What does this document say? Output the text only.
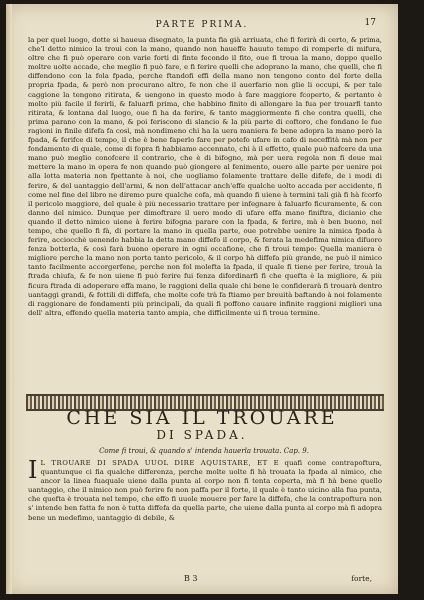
PARTE PRIMA.	17

la per quel luogo, dotte si haueua disegnato, la punta fia già arriuata, che fi ferirà di certo, & prima, che'l detto nimico la troui con la mano, quando non haueffe hauuto tempo di romperle di mifura, oltre che fi può operare con varie forti di finte fecondo il fito, oue fi troua la mano, doppo quello moltre uolte accade, che meglio fi può fare, e fi ferire quelli che adoprano la mano, che quelli, che fi diffendono con la fola fpada, perche ftandofi effi della mano non tengono conto del forte della propria fpada, & però non procurano altro, fe non che il auerfario non glie li occupi, & per tale caggione la tengono ritirata, & uengono in questo modo à fare maggiore fcoperto, & pertanto è molto più facile il ferirli, & faluarfi prima, che habbino finito di allongare la fua per trouarfi tanto ritirata, & lontana dal luogo, oue fi ha da ferire, & tanto maggiormente fi che contra quelli, che prima parano con la mano, & poi feriscono di slancio & la più parte di coftoro, che fondano le fue ragioni in finile difefa fa così, mà nondimeno chi ha la uera maniera fe bene adopra la mano però la fpada, & ferifce di tempo, il che è bene faperlo fare per potefo ufare in cafo di neceffità mà non per fondamento di quale, come di fopra fi habbiamo accennato, chi à il effetto, quale può nafcere da una mano può meglio conofcere il contrario, che è di bifogno, mà per uera regola non fi deue mai mettere la mano in opera fe non quando può giongere al fenimento, ouero alle parte per uenire poi alla lotta materia non fpettante à noi, che uogliamo folamente trattare delle difefe, de i modi di ferire, & del uantaggio dell'armi, & non dell'attacar anch'effe qualche uolto accada per accidente, fi come nel fine del libro ne diremo pure qualche cofa, mà quando fi uiene à termini tali già fi hà fcorfo il pericolo maggiore, del quale è più necessario trattare per infegnare à faluarfo ficuramente, & con danno del nimico. Dunque per dimoftrare il uero modo di ufare effa mano finiftra, dicianio che quando il detto nimico uiene à ferire bifogna parare con la fpada, & ferire, mà è ben buono, nel tempo, che quello fi fà, di portare la mano in quella parte, oue potrebbe uenire la nimica fpada à ferire, acciocchè uenendo habbia la detta mano diffefo il corpo, & ferata la medefima nimica difuoro fenza botterla, & così farà buono operare in ogni occafione, che fi troui tempo: Quella maniera è migliore perche la mano non porta tanto pericolo, & il corpo hà diffefa più grande, ne può il nimico tanto facilmente accorgerfene, perche non fol molefta la fpada, il quale fi tiene per ferire, trouà la ftrada chiufa, & fe non uiene fi può ferire fui fenza difordinarfi fi che quefta è la migliore, & più ficura ftrada di adoperare effa mano, le raggioni della quale chi bene le confiderarà fi trouarà dentro uantaggi grandi, & fottili di diffefa, che molte cofe trà fa ftiamo per breuità baftando à noi folamente di raggionare de fondamenti più principali, da quali fi poffono cauare infinite raggioni migliori una dell' altra, effendo quella materia tanto ampia, che difficilmente ui fi troua termine.

CHE SIA IL TROUARE
DI SPADA.
Come fi troui, & quando s' intenda hauerla trouata. Cap. 9.
I L TROUARE DI SPADA UUOL DIRE AQUISTARE, ET E quafi come contrapoftura, quantunque ci fia qualche differenza, perche molte uolte fi hà trouata la fpada al nimico, che ancor la linea fuaquale uiene dalla punta al corpo non fi tenta coperta, mà fi hà bene quello uantaggio, che il nimico non può ferire fe non paffa per il forte, il quale è tanto uicino alla fua punta, che quefta è trouata nel tempo, che effo fi uuole mouere per fare la diffefa, che la contrapoftura non s' intende ben fatta fe non è tutta diffefa da quella parte, che uiene dalla punta al corpo mà fi adopra bene un medefimo, uantaggio di debile, &
B 3	forte,
